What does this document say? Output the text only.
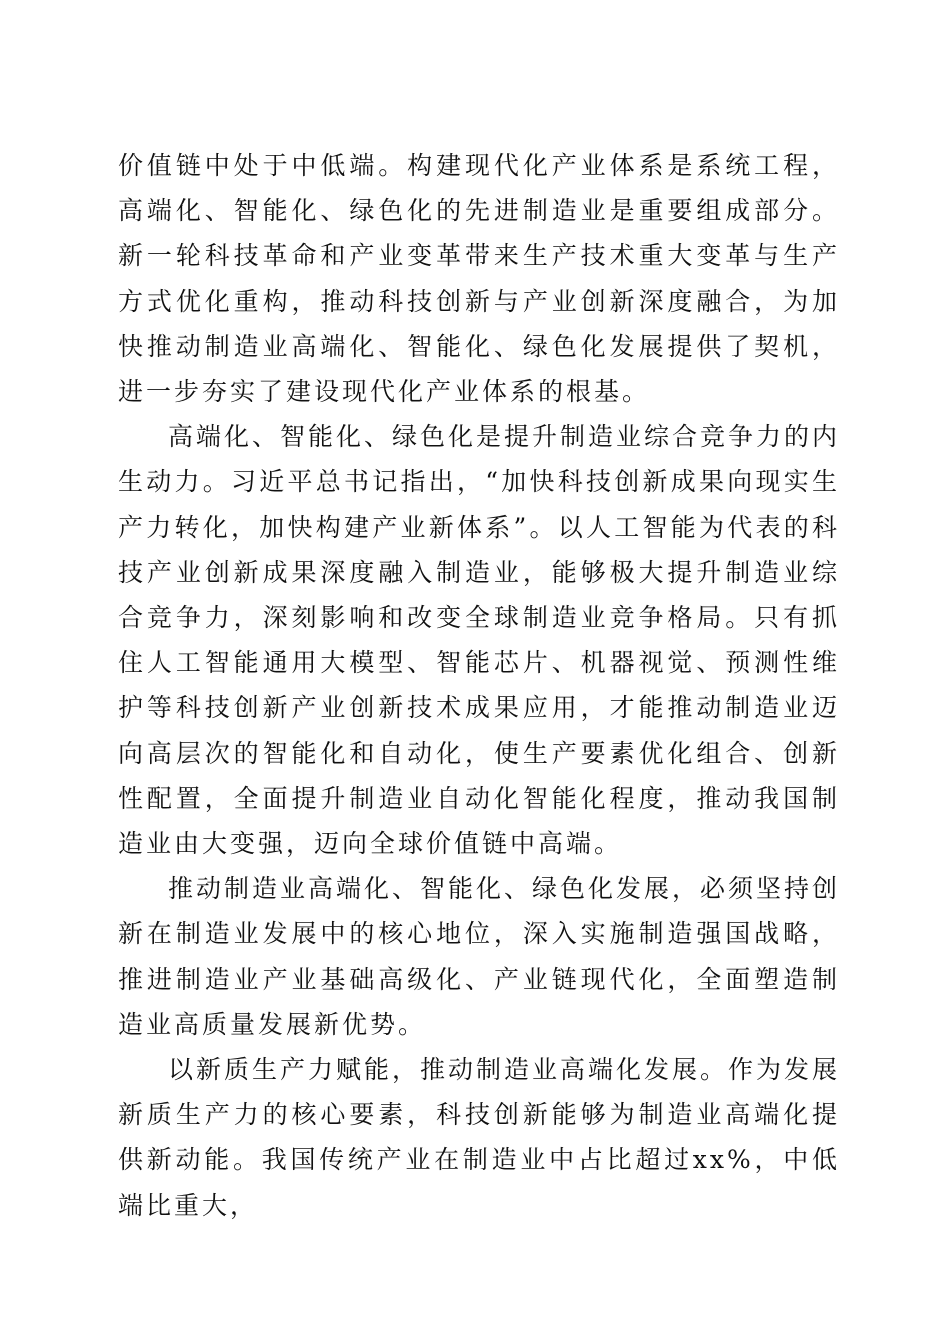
价值链中处于中低端。构建现代化产业体系是系统工程，高端化、智能化、绿色化的先进制造业是重要组成部分。新一轮科技革命和产业变革带来生产技术重大变革与生产方式优化重构，推动科技创新与产业创新深度融合，为加快推动制造业高端化、智能化、绿色化发展提供了契机，进一步夯实了建设现代化产业体系的根基。

高端化、智能化、绿色化是提升制造业综合竞争力的内生动力。习近平总书记指出，“加快科技创新成果向现实生产力转化，加快构建产业新体系”。以人工智能为代表的科技产业创新成果深度融入制造业，能够极大提升制造业综合竞争力，深刻影响和改变全球制造业竞争格局。只有抓住人工智能通用大模型、智能芯片、机器视觉、预测性维护等科技创新产业创新技术成果应用，才能推动制造业迈向高层次的智能化和自动化，使生产要素优化组合、创新性配置，全面提升制造业自动化智能化程度，推动我国制造业由大变强，迈向全球价值链中高端。

推动制造业高端化、智能化、绿色化发展，必须坚持创新在制造业发展中的核心地位，深入实施制造强国战略，推进制造业产业基础高级化、产业链现代化，全面塑造制造业高质量发展新优势。

以新质生产力赋能，推动制造业高端化发展。作为发展新质生产力的核心要素，科技创新能够为制造业高端化提供新动能。我国传统产业在制造业中占比超过xx%，中低端比重大，
